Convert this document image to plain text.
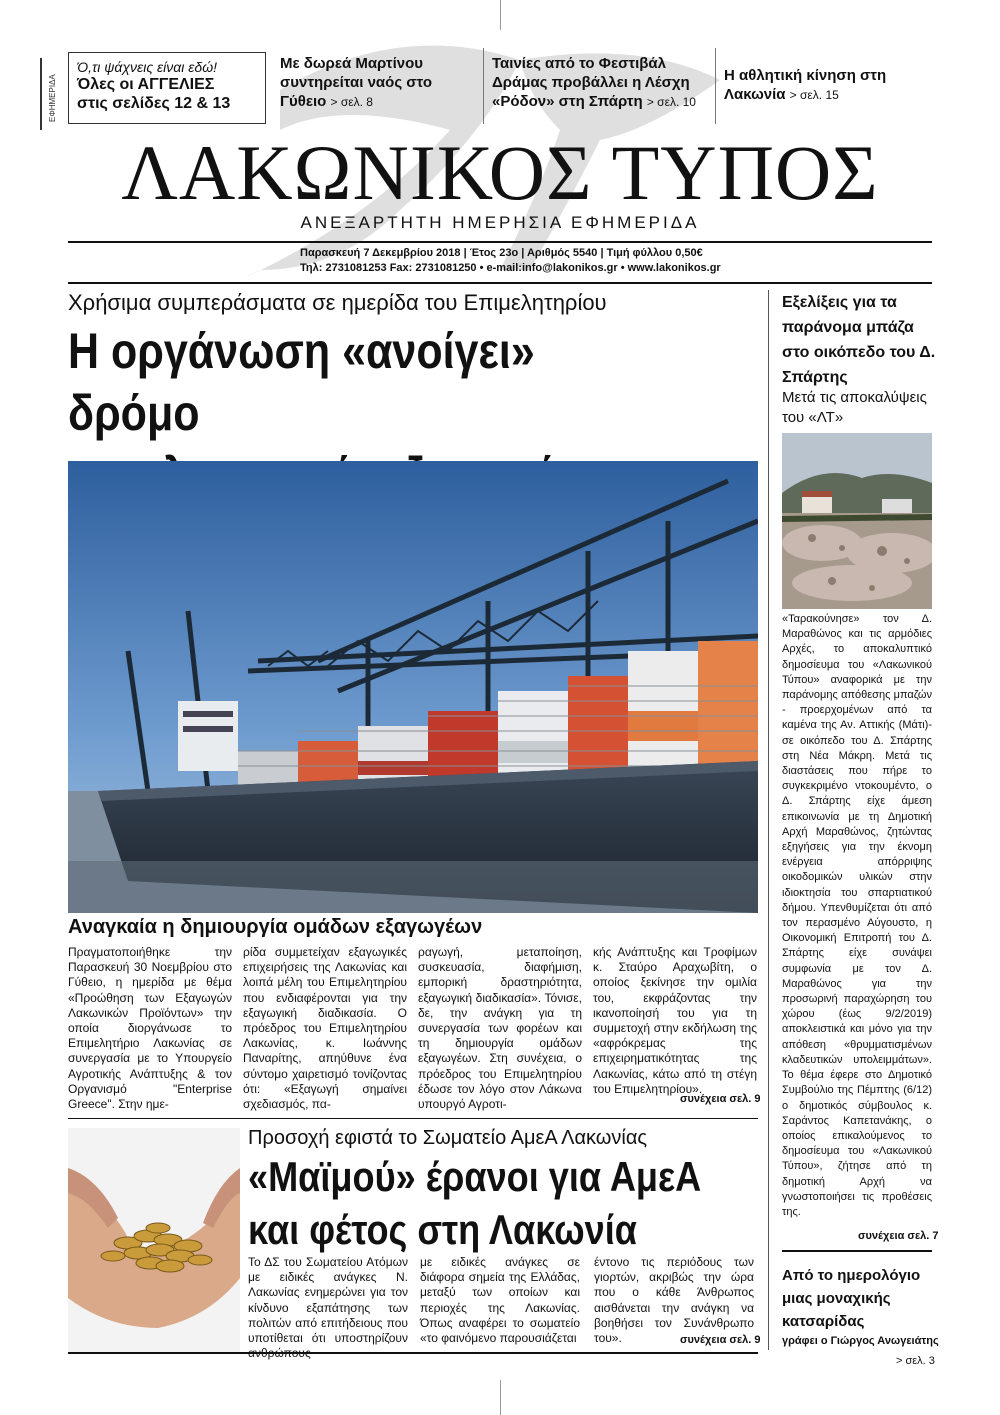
ΕΦΗΜΕΡΙΔΑ
Ό,τι ψάχνεις είναι εδώ!
Όλες οι ΑΓΓΕΛΙΕΣ
στις σελίδες 12 & 13
Με δωρεά Μαρτίνου συντηρείται ναός στο Γύθειο > σελ. 8
Ταινίες από το Φεστιβάλ Δράμας προβάλλει η Λέσχη «Ρόδον» στη Σπάρτη > σελ. 10
Η αθλητική κίνηση στη Λακωνία > σελ. 15
ΛΑΚΩΝΙΚΟΣ ΤΥΠΟΣ
ΑΝΕΞΑΡΤΗΤΗ ΗΜΕΡΗΣΙΑ ΕΦΗΜΕΡΙΔΑ
Παρασκευή 7 Δεκεμβρίου 2018 | Έτος 23ο | Αριθμός 5540 | Τιμή φύλλου 0,50€
Τηλ: 2731081253 Fax: 2731081250 • e-mail:info@lakonikos.gr • www.lakonikos.gr
Χρήσιμα συμπεράσματα σε ημερίδα του Επιμελητηρίου
Η οργάνωση «ανοίγει» δρόμο
Αναγκαία η δημιουργία ομάδων εξαγωγέων
Πραγματοποιήθηκε την Παρασκευή 30 Νοεμβρίου στο Γύθειο, η ημερίδα με θέμα «Προώθηση των Εξαγωγών Λακωνικών Προϊόντων» την οποία διοργάνωσε το Επιμελητήριο Λακωνίας σε συνεργασία με το Υπουργείο Αγροτικής Ανάπτυξης & τον Οργανισμό "Enterprise Greece". Στην ημε-
ρίδα συμμετείχαν εξαγωγικές επιχειρήσεις της Λακωνίας και λοιπά μέλη του Επιμελητηρίου που ενδιαφέρονται για την εξαγωγική διαδικασία. Ο πρόεδρος του Επιμελητηρίου Λακωνίας, κ. Ιωάννης Παναρίτης, απηύθυνε ένα σύντομο χαιρετισμό τονίζοντας ότι: «Εξαγωγή σημαίνει σχεδιασμός, πα-
ραγωγή, μεταποίηση, συσκευασία, διαφήμιση, εμπορική δραστηριότητα, εξαγωγική διαδικασία». Τόνισε, δε, την ανάγκη για τη συνεργασία των φορέων και τη δημιουργία ομάδων εξαγωγέων. Στη συνέχεια, ο πρόεδρος του Επιμελητηρίου έδωσε τον λόγο στον Λάκωνα υπουργό Αγροτι-
κής Ανάπτυξης και Τροφίμων κ. Σταύρο Αραχωβίτη, ο οποίος ξεκίνησε την ομιλία του, εκφράζοντας την ικανοποίησή του για τη συμμετοχή στην εκδήλωση της «αφρόκρεμας της επιχειρηματικότητας της Λακωνίας, κάτω από τη στέγη του Επιμελητηρίου».
συνέχεια σελ. 9
Προσοχή εφιστά το Σωματείο ΑμεΑ Λακωνίας
«Μαϊμού» έρανοι για ΑμεΑ
και φέτος στη Λακωνία
Το ΔΣ του Σωματείου Ατόμων με ειδικές ανάγκες Ν. Λακωνίας ενημερώνει για τον κίνδυνο εξαπάτησης των πολιτών από επιτήδειους που υποτίθεται ότι υποστηρίζουν
με ειδικές ανάγκες σε διάφορα σημεία της Ελλάδας, μεταξύ των οποίων και περιοχές της Λακωνίας. Όπως αναφέρει το σωματείο «το φαινόμενο παρουσιάζεται
έντονο τις περιόδους των γιορτών, ακριβώς την ώρα που ο κάθε Άνθρωπος αισθάνεται την ανάγκη να βοηθήσει τον Συνάνθρωπο του».	συνέχεια σελ. 9
Εξελίξεις για τα παράνομα μπάζα στο οικόπεδο του Δ. Σπάρτης
Μετά τις αποκαλύψεις του «ΛΤ»
«Ταρακούνησε» τον Δ. Μαραθώνος και τις αρμόδιες Αρχές, το αποκαλυπτικό δημοσίευμα του «Λακωνικού Τύπου» αναφορικά με την παράνομης απόθεσης μπαζών - προερχομένων από τα καμένα της Αν. Αττικής (Μάτι)- σε οικόπεδο του Δ. Σπάρτης στη Νέα Μάκρη. Μετά τις διαστάσεις που πήρε το συγκεκριμένο ντοκουμέντο, ο Δ. Σπάρτης είχε άμεση επικοινωνία με τη Δημοτική Αρχή Μαραθώνος, ζητώντας εξηγήσεις για την έκνομη ενέργεια απόρριψης οικοδομικών υλικών στην ιδιοκτησία του σπαρτιατικού δήμου. Υπενθυμίζεται ότι από τον περασμένο Αύγουστο, η Οικονομική Επιτροπή του Δ. Σπάρτης είχε συνάψει συμφωνία με τον Δ. Μαραθώνος για την προσωρινή παραχώρηση του χώρου (έως 9/2/2019) αποκλειστικά και μόνο για την απόθεση «θρυμματισμένων κλαδευτικών υπολειμμάτων». Το θέμα έφερε στο Δημοτικό Συμβούλιο της Πέμπτης (6/12) ο δημοτικός σύμβουλος κ. Σαράντος Καπετανάκης, ο οποίος επικαλούμενος το δημοσίευμα του «Λακωνικού Τύπου», ζήτησε από τη δημοτική Αρχή να γνωστοποιήσει τις προθέσεις της.
συνέχεια σελ. 7
Από το ημερολόγιο μιας μοναχικής κατσαρίδας
γράφει ο Γιώργος Ανωγειάτης
> σελ. 3
